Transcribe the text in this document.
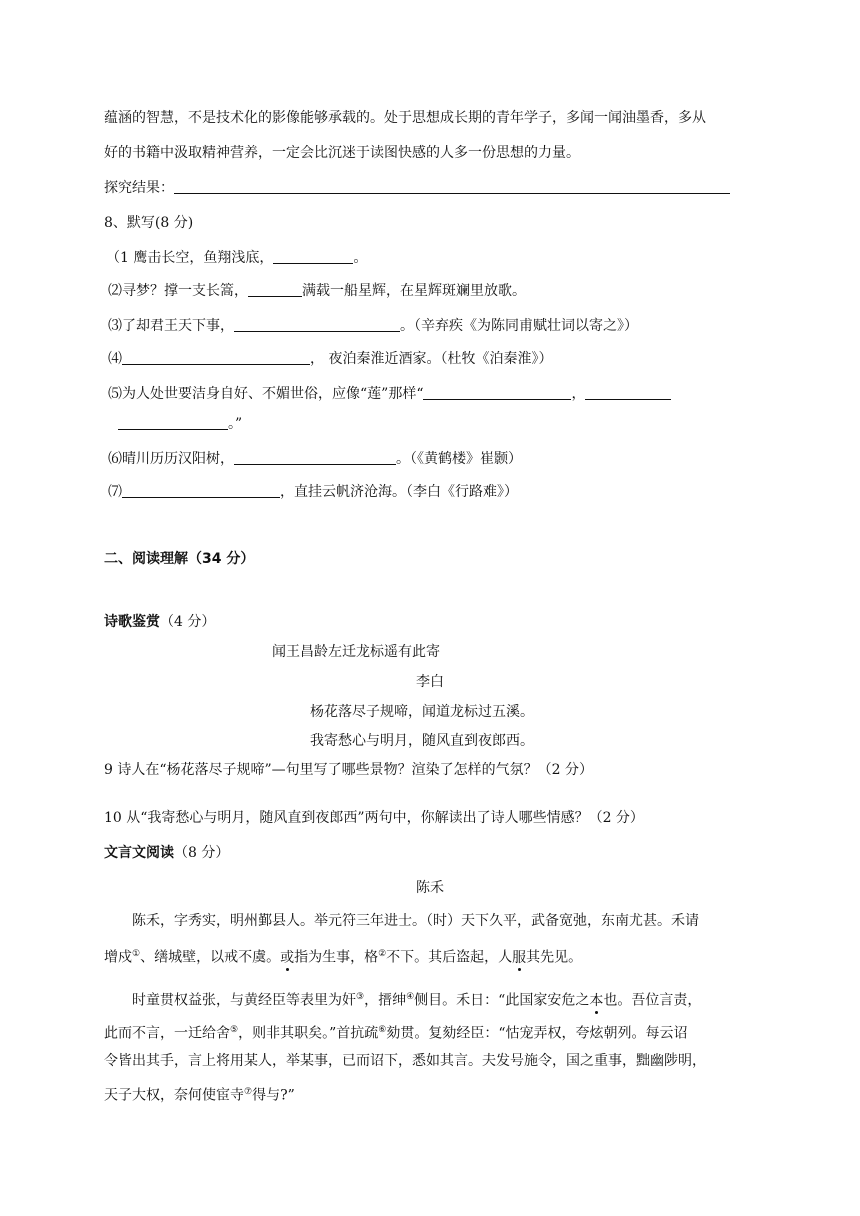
蕴涵的智慧，不是技术化的影像能够承载的。处于思想成长期的青年学子，多闻一闻油墨香，多从
好的书籍中汲取精神营养，一定会比沉迷于读图快感的人多一份思想的力量。
探究结果：
8、默写(8 分)
（1 鹰击长空，鱼翔浅底，	。
⑵寻梦？撑一支长篙，	满载一船星辉，在星辉斑斓里放歌。
⑶了却君王天下事，	。（辛弃疾《为陈同甫赋壮词以寄之》）
⑷	， 夜泊秦淮近酒家。（杜牧《泊秦淮》）
⑸为人处世要洁身自好、不媚世俗，应像“莲”那样“	，
。”
⑹晴川历历汉阳树，	。（《黄鹤楼》崔颢）
⑺	，直挂云帆济沧海。（李白《行路难》）
二、阅读理解（34 分）
诗歌鉴赏（4 分）
闻王昌龄左迁龙标遥有此寄
李白
杨花落尽子规啼，闻道龙标过五溪。
我寄愁心与明月，随风直到夜郎西。
9 诗人在“杨花落尽子规啼”—句里写了哪些景物？渲染了怎样的气氛？（2 分）
10 从“我寄愁心与明月，随风直到夜郎西”两句中，你解读出了诗人哪些情感？（2 分）
文言文阅读（8 分）
陈禾
陈禾，字秀实，明州鄞县人。举元符三年进士。（时）天下久平，武备宽弛，东南尤甚。禾请
增戍①、缮城壁，以戒不虞。或指为生事，格②不下。其后盗起，人服其先见。
时童贯权益张，与黄经臣等表里为奸③，搢绅④侧目。禾日：“此国家安危之本也。吾位言责，
此而不言，一迁给舍⑤，则非其职矣。”首抗疏⑥劾贯。复劾经臣：“怙宠弄权，夸炫朝列。每云诏
令皆出其手，言上将用某人，举某事，已而诏下，悉如其言。夫发号施令，国之重事，黜幽陟明，
天子大权，奈何使宦寺⑦得与?”
